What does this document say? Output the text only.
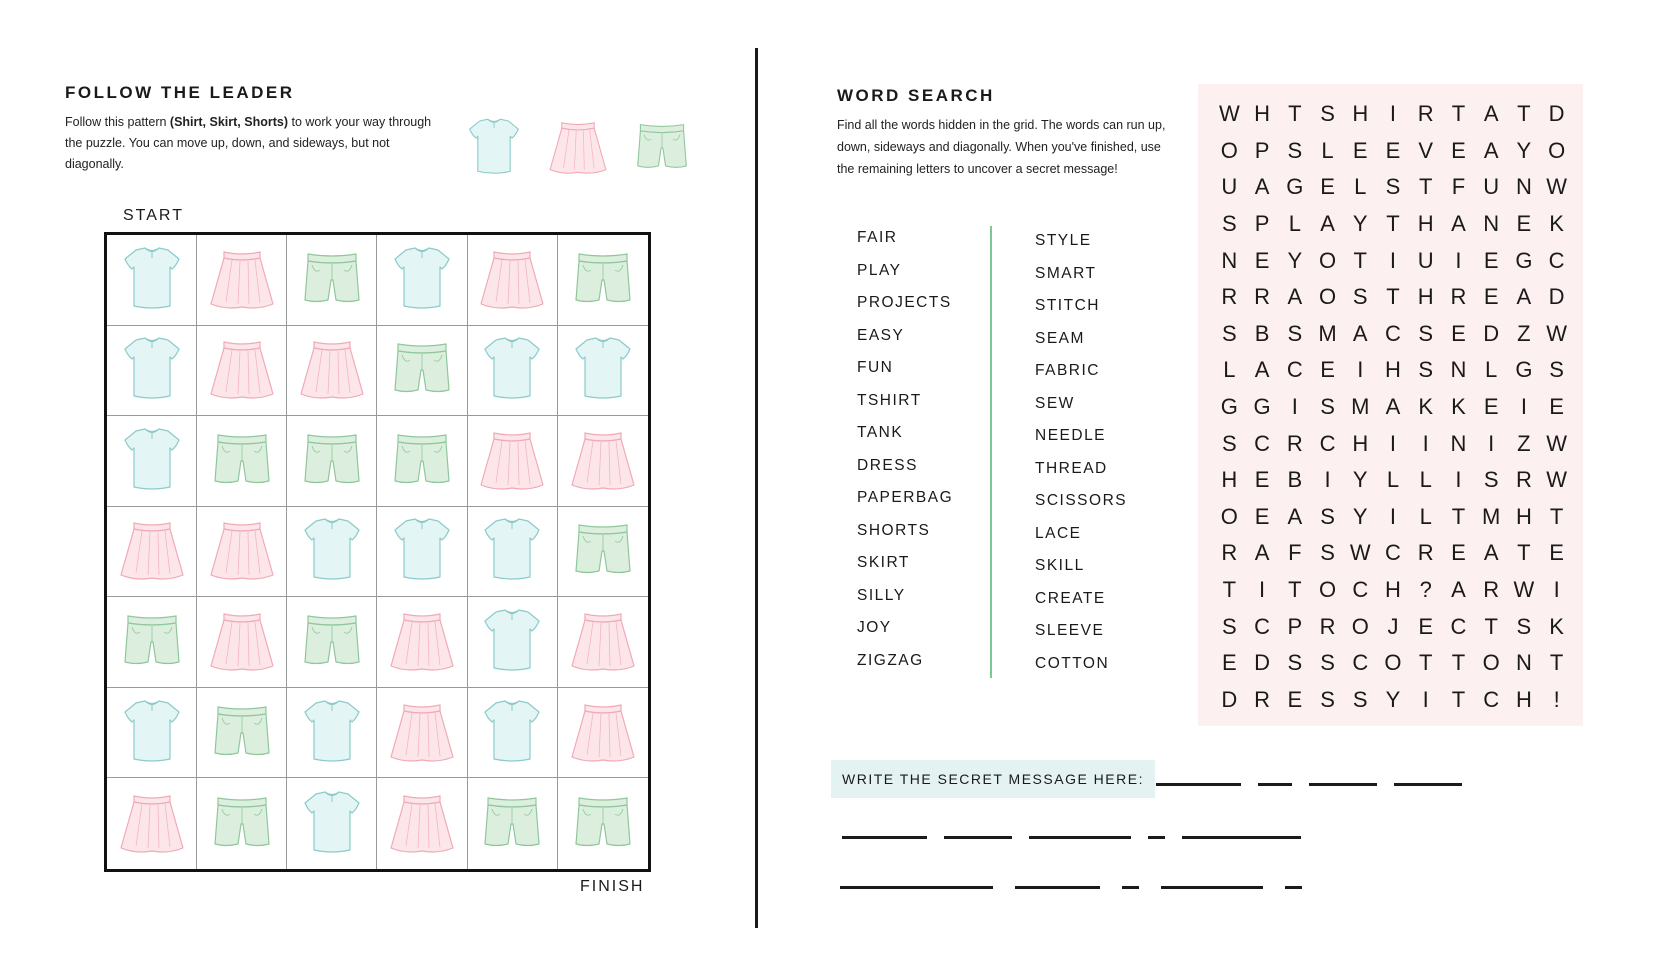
FOLLOW THE LEADER
Follow this pattern (Shirt, Skirt, Shorts) to work your way through the puzzle. You can move up, down, and sideways, but not diagonally.
START
FINISH
WORD SEARCH
Find all the words hidden in the grid. The words can run up, down, sideways and diagonally. When you've finished, use the remaining letters to uncover a secret message!
FAIR
PLAY
PROJECTS
EASY
FUN
TSHIRT
TANK
DRESS
PAPERBAG
SHORTS
SKIRT
SILLY
JOY
ZIGZAG
STYLE
SMART
STITCH
SEAM
FABRIC
SEW
NEEDLE
THREAD
SCISSORS
LACE
SKILL
CREATE
SLEEVE
COTTON
W H T S H I R T A T D
O P S L E E V E A Y O
U A G E L S T F U N W
S P L A Y T H A N E K
N E Y O T	I U I	E G C
R R A O S T H R E A D
S B S M A C S E D Z W
L A C E	I H S N L G S
G G I	S M A K K E	I	E
S C R C H I	I N I	Z W
H E B	I	Y L L	I	S R W
O E A S Y	I	L T M H T
R A F S W C R E A T E
T	I	T O C H ? A R W I
S C P R O J E C T S K
E D S S C O T T O N T
D R E S S Y	I	T C H !
WRITE THE SECRET MESSAGE HERE:
